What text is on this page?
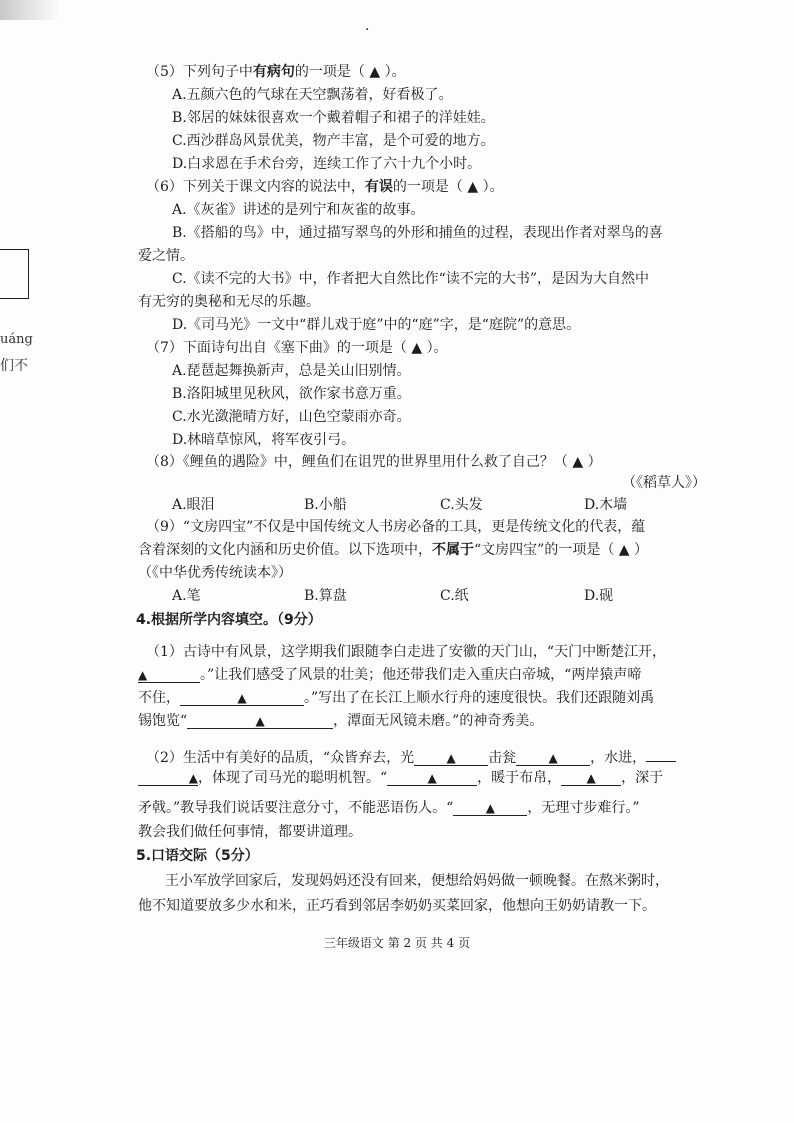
·
uáng
们不
（5）下列句子中有病句的一项是（ ▲ ）。
A.五颜六色的气球在天空飘荡着，好看极了。
B.邻居的妹妹很喜欢一个戴着帽子和裙子的洋娃娃。
C.西沙群岛风景优美，物产丰富，是个可爱的地方。
D.白求恩在手术台旁，连续工作了六十九个小时。
（6）下列关于课文内容的说法中，有误的一项是（ ▲ ）。
A.《灰雀》讲述的是列宁和灰雀的故事。
B.《搭船的鸟》中，通过描写翠鸟的外形和捕鱼的过程，表现出作者对翠鸟的喜
爱之情。
C.《读不完的大书》中，作者把大自然比作“读不完的大书”，是因为大自然中
有无穷的奥秘和无尽的乐趣。
D.《司马光》一文中“群儿戏于庭”中的“庭”字，是“庭院”的意思。
（7）下面诗句出自《塞下曲》的一项是（ ▲ ）。
A.琵琶起舞换新声，总是关山旧别情。
B.洛阳城里见秋风，欲作家书意万重。
C.水光潋滟晴方好，山色空蒙雨亦奇。
D.林暗草惊风，将军夜引弓。
（8）《鲤鱼的遇险》中，鲤鱼们在诅咒的世界里用什么救了自己？（ ▲ ）
（《稻草人》）
A.眼泪	B.小船	C.头发	D.木墙
（9）“文房四宝”不仅是中国传统文人书房必备的工具，更是传统文化的代表，蕴
含着深刻的文化内涵和历史价值。以下选项中，不属于“文房四宝”的一项是（ ▲ ）
（《中华优秀传统读本》）
A.笔	B.算盘	C.纸	D.砚
4.根据所学内容填空。（9分）
（1）古诗中有风景，这学期我们跟随李白走进了安徽的天门山，“天门中断楚江开，
▲	。”让我们感受了风景的壮美；他还带我们走入重庆白帝城，“两岸猿声啼
不住，	▲	。”写出了在长江上顺水行舟的速度很快。我们还跟随刘禹
锡饱览“	▲	，潭面无风镜未磨。”的神奇秀美。
（2）生活中有美好的品质，“众皆弃去，光	▲ 击瓮	▲ ，水进，
▲，体现了司马光的聪明机智。“	▲	，暖于布帛， ▲ ，深于
矛戟。”教导我们说话要注意分寸，不能恶语伤人。“	▲ ，无理寸步难行。”
教会我们做任何事情，都要讲道理。
5.口语交际（5分）
王小军放学回家后，发现妈妈还没有回来，便想给妈妈做一顿晚餐。在熬米粥时，
他不知道要放多少水和米，正巧看到邻居李奶奶买菜回家，他想向王奶奶请教一下。
三年级语文 第 2 页 共 4 页
